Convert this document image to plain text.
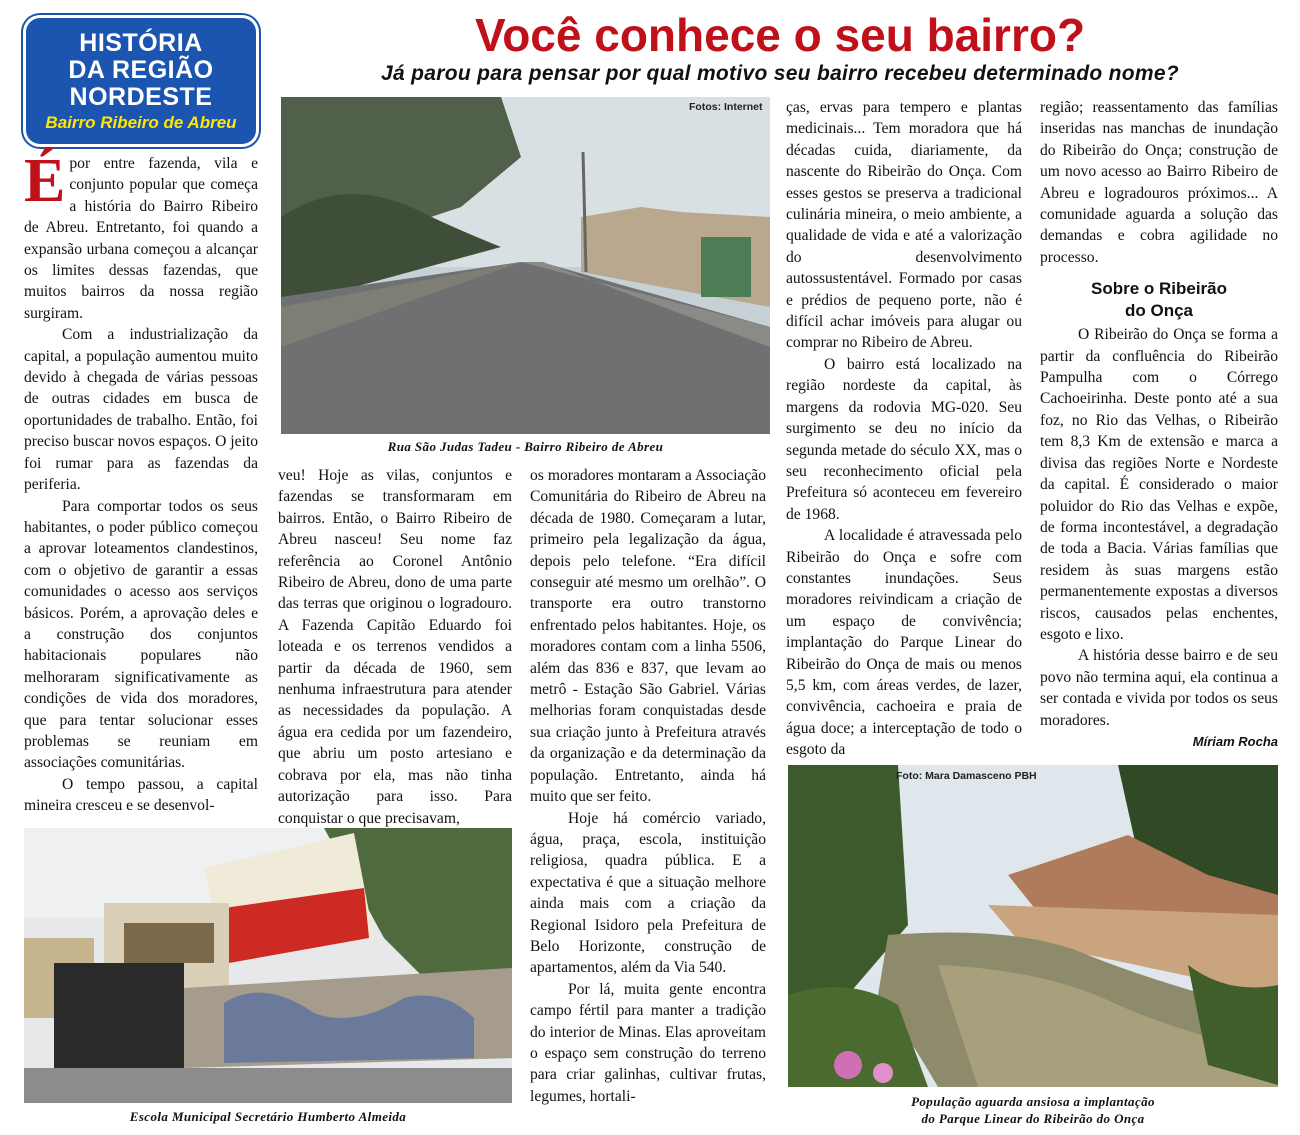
HISTÓRIA
DA REGIÃO
NORDESTE
Bairro Ribeiro de Abreu
Você conhece o seu bairro?
Já parou para pensar por qual motivo seu bairro recebeu determinado nome?
Fotos: Internet
Rua São Judas Tadeu - Bairro Ribeiro de Abreu

Épor entre fazenda, vila e conjunto popular que começa a história do Bairro Ribeiro de Abreu. Entretanto, foi quando a expansão urbana começou a alcançar os limites dessas fazendas, que muitos bairros da nossa região surgiram.

Com a industrialização da capital, a população aumentou muito devido à chegada de várias pessoas de outras cidades em busca de oportunidades de trabalho. Então, foi preciso buscar novos espaços. O jeito foi rumar para as fazendas da periferia.

Para comportar todos os seus habitantes, o poder público começou a aprovar loteamentos clandestinos, com o objetivo de garantir a essas comunidades o acesso aos serviços básicos. Porém, a aprovação deles e a construção dos conjuntos habitacionais populares não melhoraram significativamente as condições de vida dos moradores, que para tentar solucionar esses problemas se reuniam em associações comunitárias.

O tempo passou, a capital mineira cresceu e se desenvol-

veu! Hoje as vilas, conjuntos e fazendas se transformaram em bairros. Então, o Bairro Ribeiro de Abreu nasceu! Seu nome faz referência ao Coronel Antônio Ribeiro de Abreu, dono de uma parte das terras que originou o logradouro. A Fazenda Capitão Eduardo foi loteada e os terrenos vendidos a partir da década de 1960, sem nenhuma infraestrutura para atender as necessidades da população. A água era cedida por um fazendeiro, que abriu um posto artesiano e cobrava por ela, mas não tinha autorização para isso. Para conquistar o que precisavam,

os moradores montaram a Associação Comunitária do Ribeiro de Abreu na década de 1980. Começaram a lutar, primeiro pela legalização da água, depois pelo telefone. “Era difícil conseguir até mesmo um orelhão”. O transporte era outro transtorno enfrentado pelos habitantes. Hoje, os moradores contam com a linha 5506, além das 836 e 837, que levam ao metrô - Estação São Gabriel. Várias melhorias foram conquistadas desde sua criação junto à Prefeitura através da organização e da determinação da população. Entretanto, ainda há muito que ser feito.

Hoje há comércio variado, água, praça, escola, instituição religiosa, quadra pública. E a expectativa é que a situação melhore ainda mais com a criação da Regional Isidoro pela Prefeitura de Belo Horizonte, construção de apartamentos, além da Via 540.

Por lá, muita gente encontra campo fértil para manter a tradição do interior de Minas. Elas aproveitam o espaço sem construção do terreno para criar galinhas, cultivar frutas, legumes, hortali-

ças, ervas para tempero e plantas medicinais... Tem moradora que há décadas cuida, diariamente, da nascente do Ribeirão do Onça. Com esses gestos se preserva a tradicional culinária mineira, o meio ambiente, a qualidade de vida e até a valorização do desenvolvimento autossustentável. Formado por casas e prédios de pequeno porte, não é difícil achar imóveis para alugar ou comprar no Ribeiro de Abreu.

O bairro está localizado na região nordeste da capital, às margens da rodovia MG-020. Seu surgimento se deu no início da segunda metade do século XX, mas o seu reconhecimento oficial pela Prefeitura só aconteceu em fevereiro de 1968.

A localidade é atravessada pelo Ribeirão do Onça e sofre com constantes inundações. Seus moradores reivindicam a criação de um espaço de convivência; implantação do Parque Linear do Ribeirão do Onça de mais ou menos 5,5 km, com áreas verdes, de lazer, convivência, cachoeira e praia de água doce; a interceptação de todo o esgoto da

região; reassentamento das famílias inseridas nas manchas de inundação do Ribeirão do Onça; construção de um novo acesso ao Bairro Ribeiro de Abreu e logradouros próximos... A comunidade aguarda a solução das demandas e cobra agilidade no processo.

Sobre o Ribeirão
do Onça

O Ribeirão do Onça se forma a partir da confluência do Ribeirão Pampulha com o Córrego Cachoeirinha. Deste ponto até a sua foz, no Rio das Velhas, o Ribeirão tem 8,3 Km de extensão e marca a divisa das regiões Norte e Nordeste da capital. É considerado o maior poluidor do Rio das Velhas e expõe, de forma incontestável, a degradação de toda a Bacia. Várias famílias que residem às suas margens estão permanentemente expostas a diversos riscos, causados pelas enchentes, esgoto e lixo.

A história desse bairro e de seu povo não termina aqui, ela continua a ser contada e vivida por todos os seus moradores.

Míriam Rocha
Escola Municipal Secretário Humberto Almeida
Foto: Mara Damasceno PBH
População aguarda ansiosa a implantação
do Parque Linear do Ribeirão do Onça
